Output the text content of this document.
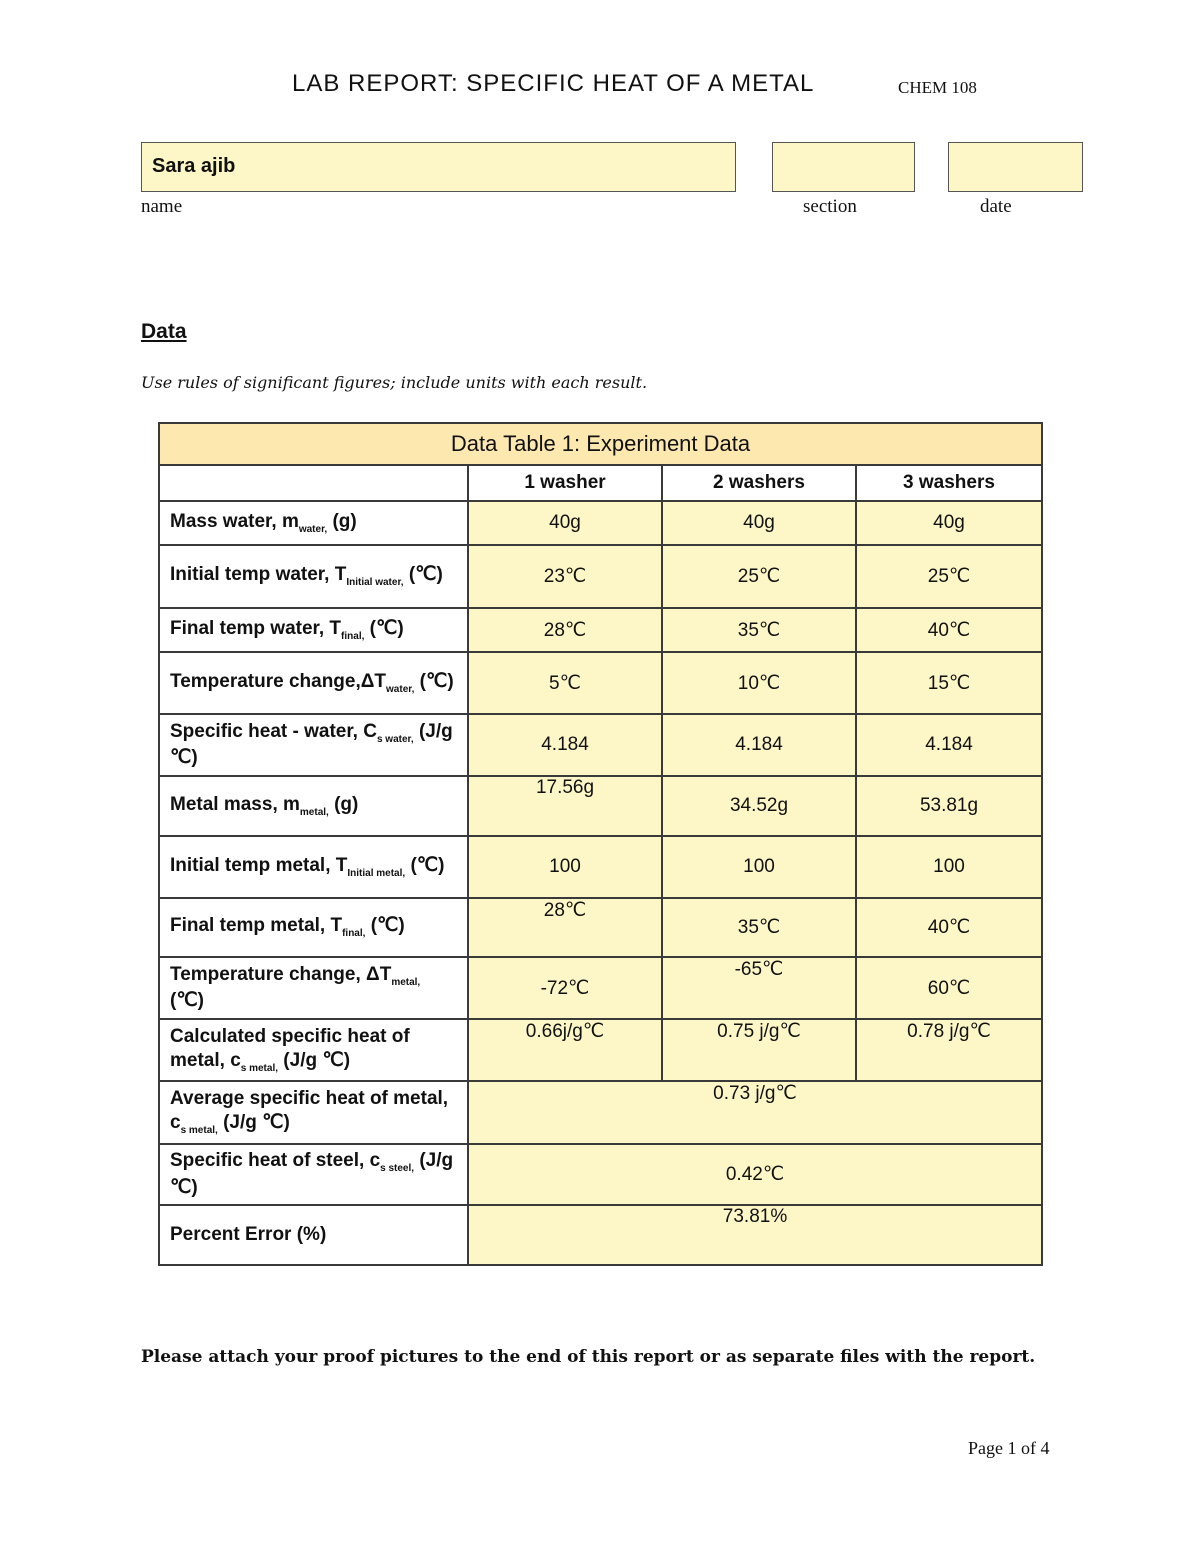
LAB REPORT: SPECIFIC HEAT OF A METAL	CHEM 108
Sara ajib
name	section	date
Data
Use rules of significant figures; include units with each result.
Data Table 1: Experiment Data			
	1 washer	2 washers	3 washers
Mass water, $m_{water,}$ (g)	40g	40g	40g
Initial temp water, $T_{Initial water,}$ (℃)	23℃	25℃	25℃
Final temp water, $T_{final,}$ (℃)	28℃	35℃	40℃
Temperature $change,\Delta T_{water,}$ (℃)	5℃	10℃	15℃
Specific heat - water, $C_{s water,}$ (J/g ℃)	4.184	4.184	4.184
Metal mass, $m_{metal,}$ (g)	17.56g	34.52g	53.81g
Initial temp metal, $T_{Initial metal,}$ (℃)	100	100	100
Final temp metal, $T_{final,}$ (℃)	28℃	35℃	40℃
Temperature change, $\Delta T_{metal,}$ (℃)	-72℃	-65℃	60℃
Calculated specific heat of metal, $c_{s metal,}$ (J/g ℃)	0.66j/g℃	0.75 j/g℃	0.78 j/g℃
Average specific heat of metal, $c_{s metal,}$ (J/g ℃)	0.73 j/g℃		
Specific heat of steel, $c_{s steel,}$ (J/g ℃)	0.42℃		
Percent Error (%)	73.81%		
Please attach your proof pictures to the end of this report or as separate files with the report.
Page 1 of 4
